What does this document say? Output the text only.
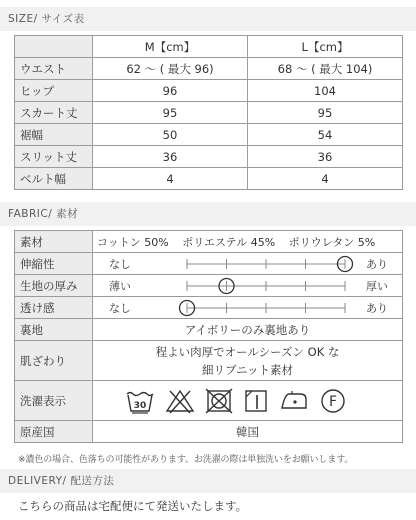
SIZE/ サイズ表
	M【cm】	L【cm】
ウエスト	62 〜 ( 最大 96)	68 〜 ( 最大 104)
ヒップ	96	104
スカート丈	95	95
裾幅	50	54
スリット丈	36	36
ベルト幅	4	4
FABRIC/ 素材
素材	コットン 50% ポリエステル 45% ポリウレタン 5%
伸縮性	なし あり

生地の厚み	薄い 厚い

透け感	なし あり

裏地	アイボリーのみ裏地あり
肌ざわり	程よい肉厚でオールシーズン OK な
細リブニット素材

洗濯表示	30 F

原産国	韓国
※濃色の場合、色落ちの可能性があります。お洗濯の際は単独洗いをお願いします。
DELIVERY/ 配送方法
こちらの商品は宅配便にて発送いたします。
